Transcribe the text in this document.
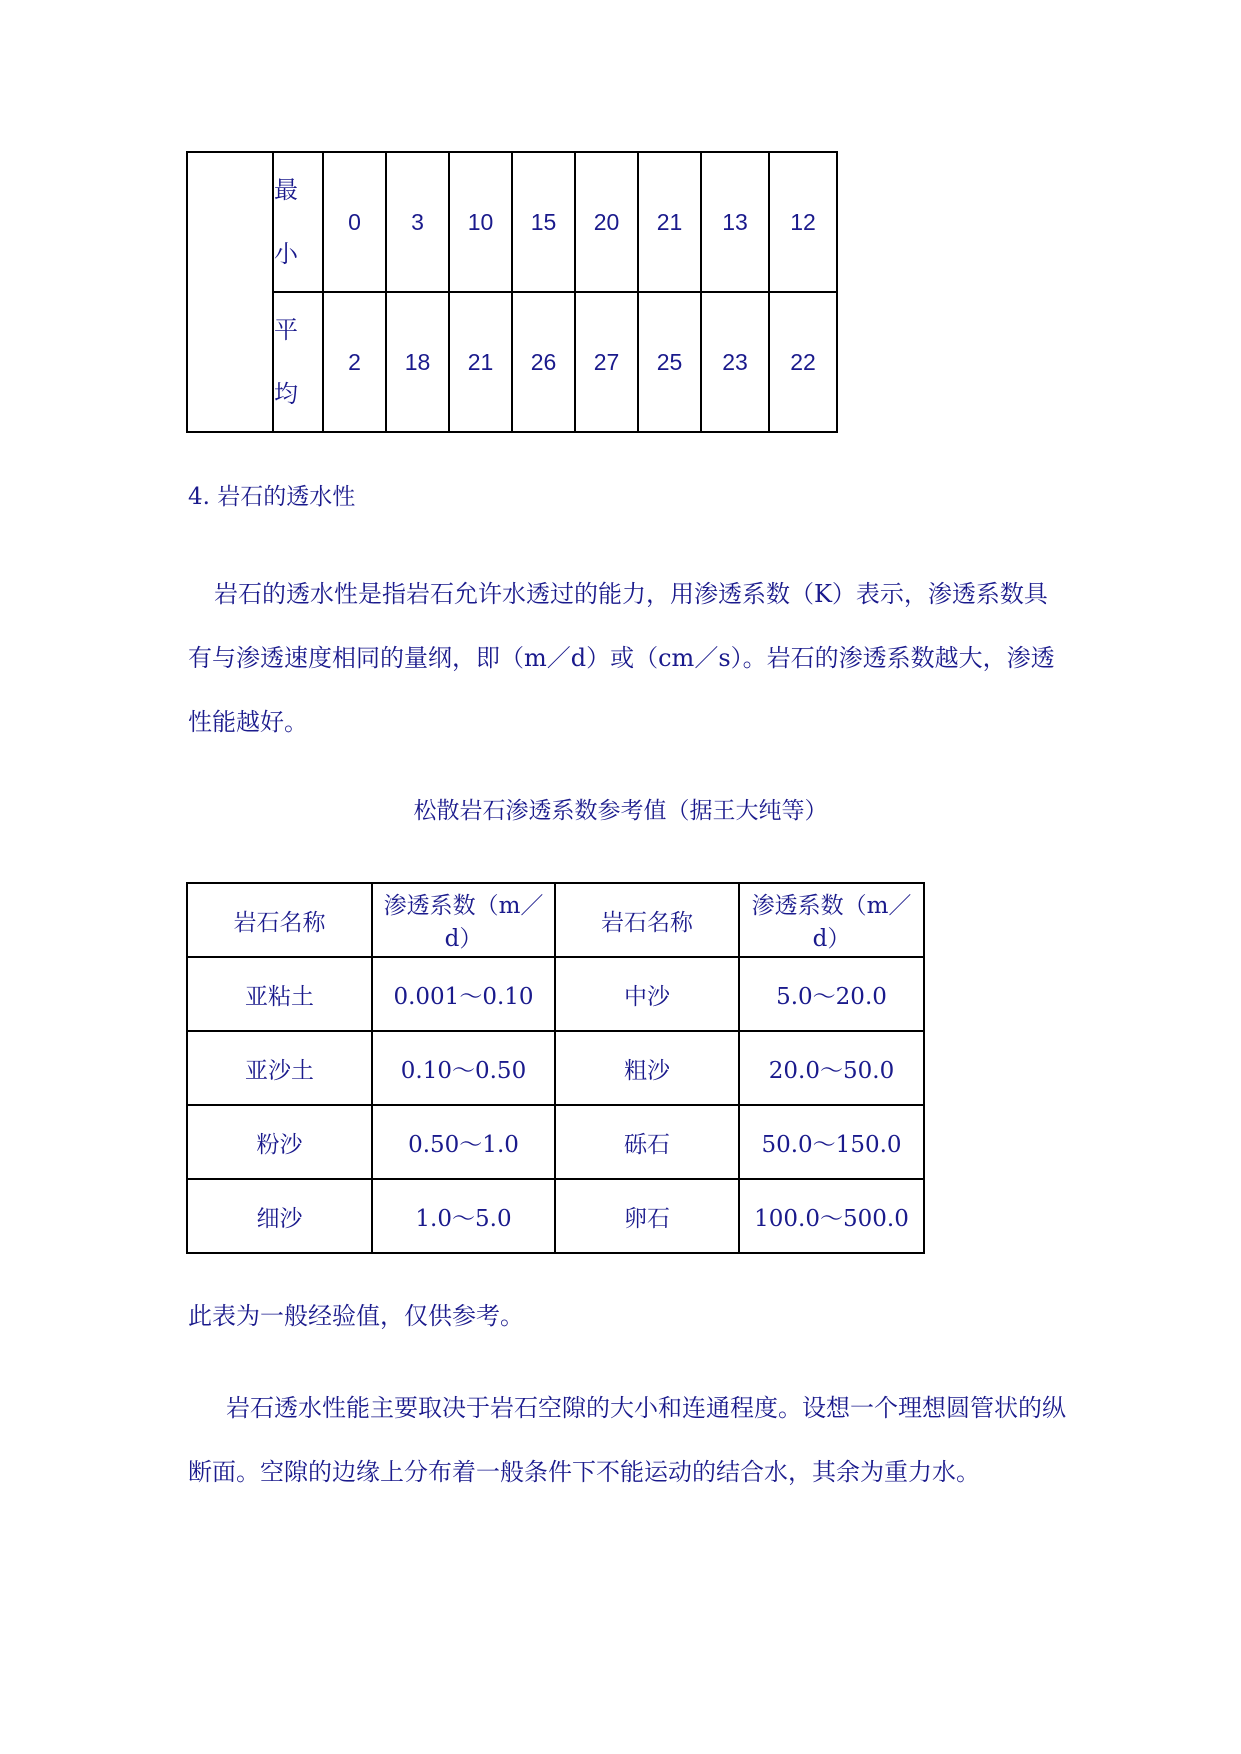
	最小	0	3	10	15	20	21	13	12

	平均	2	18	21	26	27	25	23	22
4. 岩石的透水性

岩石的透水性是指岩石允许水透过的能力，用渗透系数（K）表示，渗透系数具有与渗透速度相同的量纲，即（m／d）或（cm／s）。岩石的渗透系数越大，渗透性能越好。

松散岩石渗透系数参考值（据王大纯等）
岩石名称	渗透系数（m／d）	岩石名称	渗透系数（m／d）
亚粘土	0.001～0.10	中沙	5.0～20.0
亚沙土	0.10～0.50	粗沙	20.0～50.0
粉沙	0.50～1.0	砾石	50.0～150.0
细沙	1.0～5.0	卵石	100.0～500.0
此表为一般经验值，仅供参考。

岩石透水性能主要取决于岩石空隙的大小和连通程度。设想一个理想圆管状的纵断面。空隙的边缘上分布着一般条件下不能运动的结合水，其余为重力水。
